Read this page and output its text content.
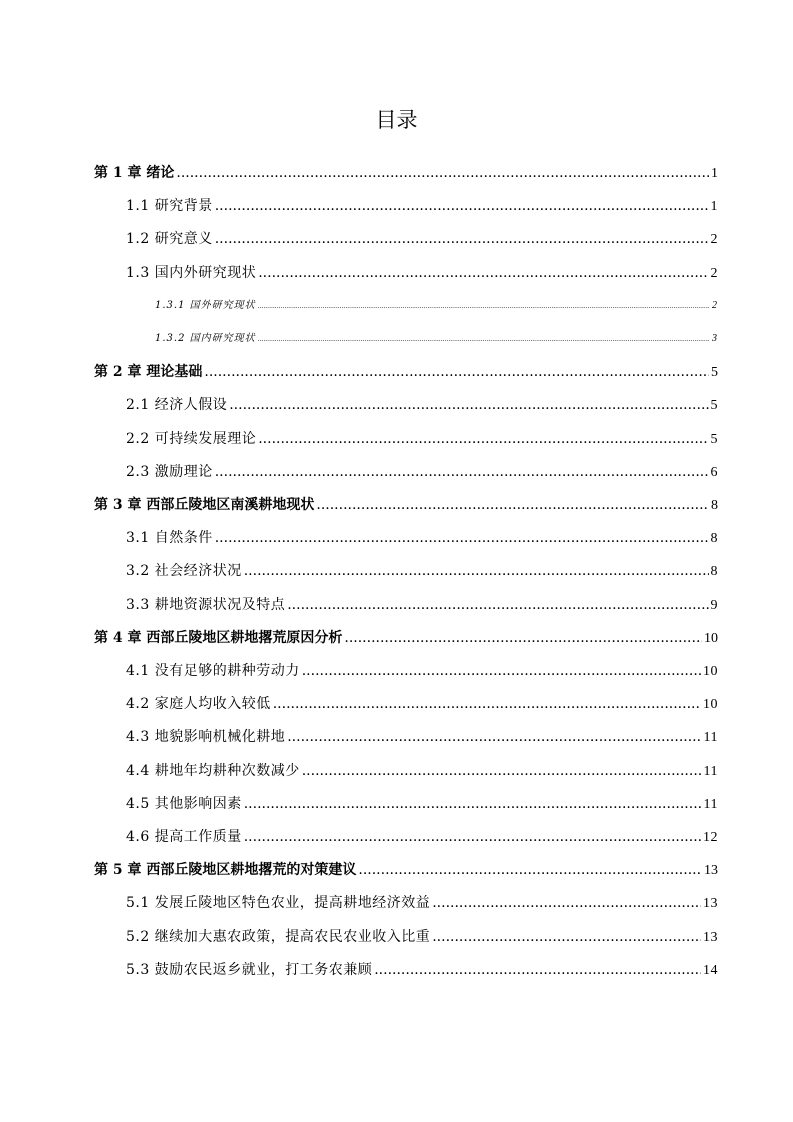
目录
第 1 章 绪论 .....	1
1.1 研究背景 .....	1
1.2 研究意义 .....	2
1.3 国内外研究现状 .....	2
1.3.1 国外研究现状 .....	2
1.3.2 国内研究现状 .....	3
第 2 章 理论基础 .....	5
2.1 经济人假设 .....	5
2.2 可持续发展理论 .....	5
2.3 激励理论 .....	6
第 3 章 西部丘陵地区南溪耕地现状 .....	8
3.1 自然条件 .....	8
3.2 社会经济状况 .....	8
3.3 耕地资源状况及特点 .....	9
第 4 章 西部丘陵地区耕地撂荒原因分析 .....	10
4.1 没有足够的耕种劳动力 .....	10
4.2 家庭人均收入较低 .....	10
4.3 地貌影响机械化耕地 .....	11
4.4 耕地年均耕种次数减少 .....	11
4.5 其他影响因素 .....	11
4.6 提高工作质量 .....	12
第 5 章 西部丘陵地区耕地撂荒的对策建议 .....	13
5.1 发展丘陵地区特色农业，提高耕地经济效益 .....	13
5.2 继续加大惠农政策，提高农民农业收入比重 .....	13
5.3 鼓励农民返乡就业，打工务农兼顾 .....	14
